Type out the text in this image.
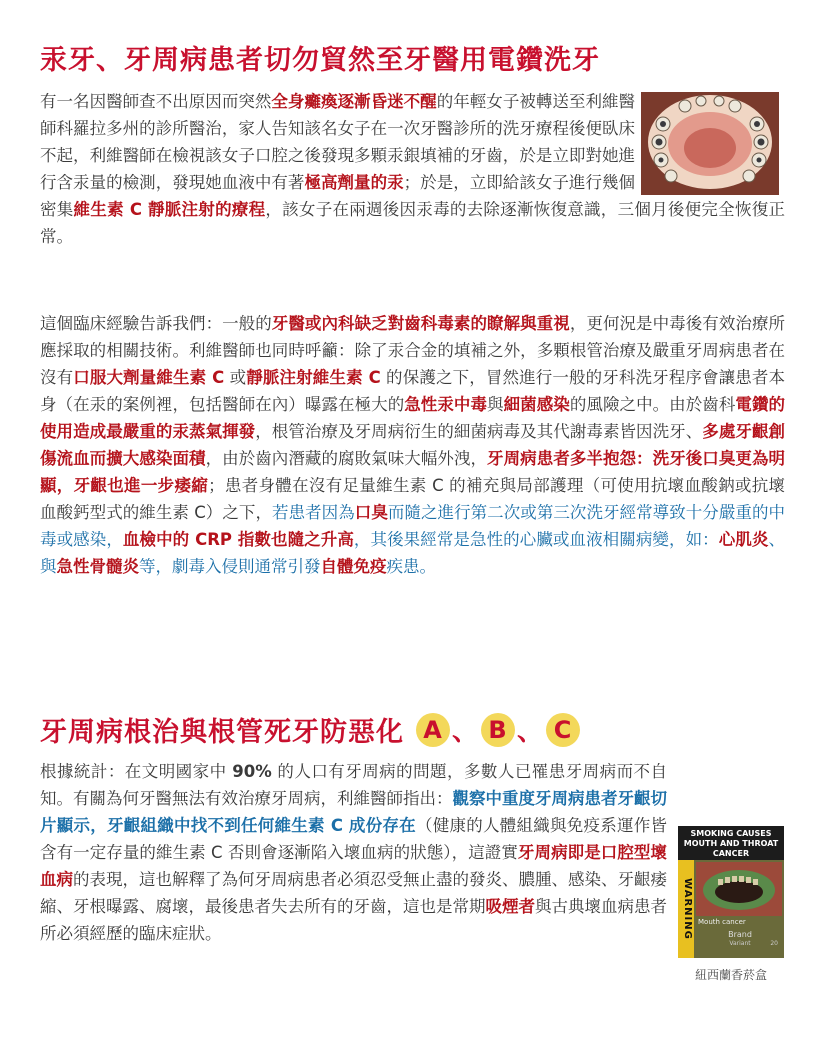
汞牙、牙周病患者切勿貿然至牙醫用電鑽洗牙

有一名因醫師查不出原因而突然全身癱瘓逐漸昏迷不醒的年輕女子被轉送至利維醫師科羅拉多州的診所醫治，家人告知該名女子在一次牙醫診所的洗牙療程後便臥床不起，利維醫師在檢視該女子口腔之後發現多顆汞銀填補的牙齒，於是立即對她進行含汞量的檢測，發現她血液中有著極高劑量的汞；於是，立即給該女子進行幾個密集維生素 C 靜脈注射的療程，該女子在兩週後因汞毒的去除逐漸恢復意識，三個月後便完全恢復正常。

這個臨床經驗告訴我們：一般的牙醫或內科缺乏對齒科毒素的瞭解與重視，更何況是中毒後有效治療所應採取的相關技術。利維醫師也同時呼籲：除了汞合金的填補之外，多顆根管治療及嚴重牙周病患者在沒有口服大劑量維生素 C 或靜脈注射維生素 C 的保護之下，冒然進行一般的牙科洗牙程序會讓患者本身（在汞的案例裡，包括醫師在內）曝露在極大的急性汞中毒與細菌感染的風險之中。由於齒科電鑽的使用造成最嚴重的汞蒸氣揮發，根管治療及牙周病衍生的細菌病毒及其代謝毒素皆因洗牙、多處牙齦創傷流血而擴大感染面積，由於齒內潛藏的腐敗氣味大幅外洩，牙周病患者多半抱怨：洗牙後口臭更為明顯，牙齦也進一步痿縮；患者身體在沒有足量維生素 C 的補充與局部護理（可使用抗壞血酸鈉或抗壞血酸鈣型式的維生素 C）之下，若患者因為口臭而隨之進行第二次或第三次洗牙經常導致十分嚴重的中毒或感染，血檢中的 CRP 指數也隨之升高，其後果經常是急性的心臟或血液相關病變，如：心肌炎、與急性骨髓炎等，劇毒入侵則通常引發自體免疫疾患。

牙周病根治與根管死牙防惡化 A 、 B 、 C

根據統計：在文明國家中 90% 的人口有牙周病的問題，多數人已罹患牙周病而不自知。有關為何牙醫無法有效治療牙周病，利維醫師指出：觀察中重度牙周病患者牙齦切片顯示，牙齦組織中找不到任何維生素 C 成份存在（健康的人體組織與免疫系運作皆含有一定存量的維生素 C 否則會逐漸陷入壞血病的狀態），這證實牙周病即是口腔型壞血病的表現，這也解釋了為何牙周病患者必須忍受無止盡的發炎、膿腫、感染、牙齦痿縮、牙根曝露、腐壞，最後患者失去所有的牙齒，這也是常期吸煙者與古典壞血病患者所必須經歷的臨床症狀。

SMOKING CAUSES MOUTH AND THROAT CANCER
WARNING Mouth cancer
Brand
Variant	20
紐西蘭香菸盒
